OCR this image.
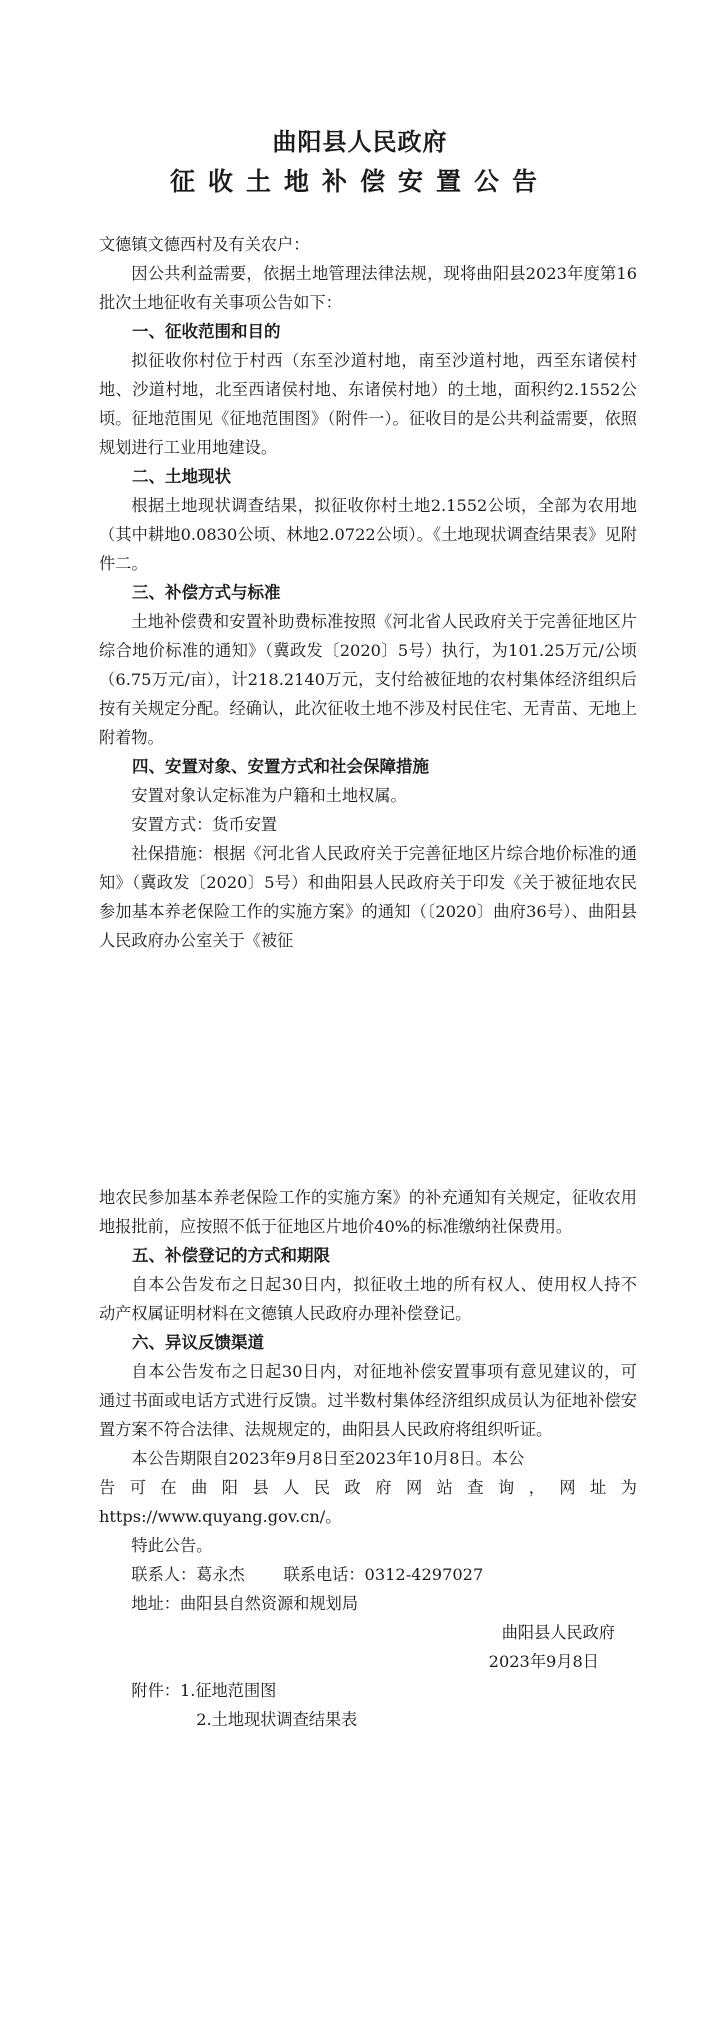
曲阳县人民政府
征收土地补偿安置公告

文德镇文德西村及有关农户：

因公共利益需要，依据土地管理法律法规，现将曲阳县2023年度第16批次土地征收有关事项公告如下：

一、征收范围和目的

拟征收你村位于村西（东至沙道村地，南至沙道村地，西至东诸侯村地、沙道村地，北至西诸侯村地、东诸侯村地）的土地，面积约2.1552公顷。征地范围见《征地范围图》（附件一）。征收目的是公共利益需要，依照规划进行工业用地建设。

二、土地现状

根据土地现状调查结果，拟征收你村土地2.1552公顷，全部为农用地（其中耕地0.0830公顷、林地2.0722公顷）。《土地现状调查结果表》见附件二。

三、补偿方式与标准

土地补偿费和安置补助费标准按照《河北省人民政府关于完善征地区片综合地价标准的通知》（冀政发〔2020〕5号）执行，为101.25万元/公顷（6.75万元/亩），计218.2140万元，支付给被征地的农村集体经济组织后按有关规定分配。经确认，此次征收土地不涉及村民住宅、无青苗、无地上附着物。

四、安置对象、安置方式和社会保障措施

安置对象认定标准为户籍和土地权属。

安置方式：货币安置

社保措施：根据《河北省人民政府关于完善征地区片综合地价标准的通知》（冀政发〔2020〕5号）和曲阳县人民政府关于印发《关于被征地农民参加基本养老保险工作的实施方案》的通知（〔2020〕曲府36号）、曲阳县人民政府办公室关于《被征

地农民参加基本养老保险工作的实施方案》的补充通知有关规定，征收农用地报批前，应按照不低于征地区片地价40%的标准缴纳社保费用。

五、补偿登记的方式和期限

自本公告发布之日起30日内，拟征收土地的所有权人、使用权人持不动产权属证明材料在文德镇人民政府办理补偿登记。

六、异议反馈渠道

自本公告发布之日起30日内，对征地补偿安置事项有意见建议的，可通过书面或电话方式进行反馈。过半数村集体经济组织成员认为征地补偿安置方案不符合法律、法规规定的，曲阳县人民政府将组织听证。

本公告期限自2023年9月8日至2023年10月8日。本公

告可在曲阳县人民政府网站查询，网址为

https://www.quyang.gov.cn/。

特此公告。

联系人：葛永杰 联系电话：0312-4297027

地址：曲阳县自然资源和规划局

曲阳县人民政府

2023年9月8日

附件：1.征地范围图

2.土地现状调查结果表
